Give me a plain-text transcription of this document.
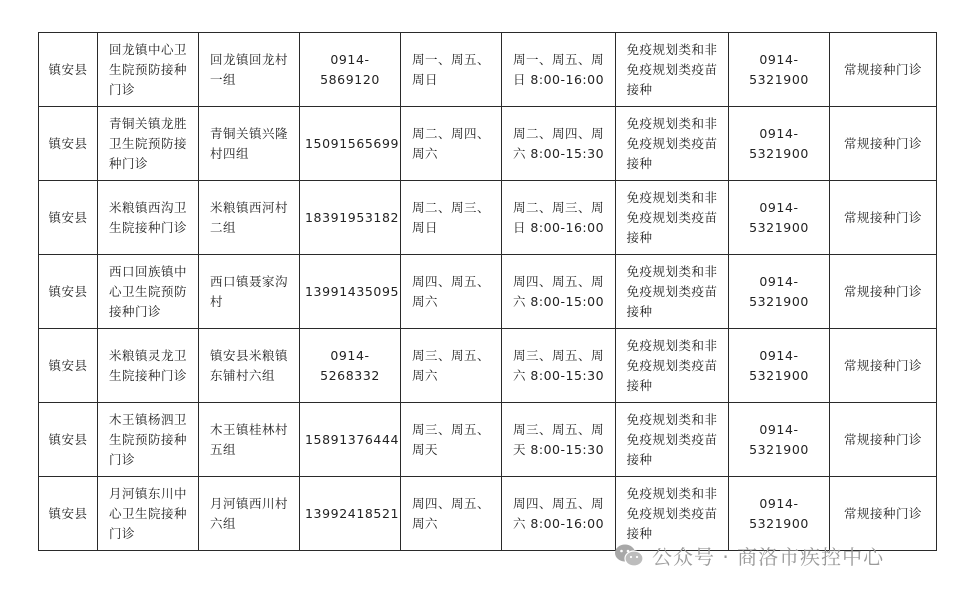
镇安县	回龙镇中心卫
生院预防接种
门诊	回龙镇回龙村
一组	0914-5869120	周一、周五、
周日	周一、周五、周
日 8:00-16:00	免疫规划类和非
免疫规划类疫苗
接种	0914-5321900	常规接种门诊
镇安县	青铜关镇龙胜
卫生院预防接
种门诊	青铜关镇兴隆
村四组	15091565699	周二、周四、
周六	周二、周四、周
六 8:00-15:30	免疫规划类和非
免疫规划类疫苗
接种	0914-5321900	常规接种门诊
镇安县	米粮镇西沟卫
生院接种门诊	米粮镇西河村
二组	18391953182	周二、周三、
周日	周二、周三、周
日 8:00-16:00	免疫规划类和非
免疫规划类疫苗
接种	0914-5321900	常规接种门诊
镇安县	西口回族镇中
心卫生院预防
接种门诊	西口镇聂家沟
村	13991435095	周四、周五、
周六	周四、周五、周
六 8:00-15:00	免疫规划类和非
免疫规划类疫苗
接种	0914-5321900	常规接种门诊
镇安县	米粮镇灵龙卫
生院接种门诊	镇安县米粮镇
东铺村六组	0914-5268332	周三、周五、
周六	周三、周五、周
六 8:00-15:30	免疫规划类和非
免疫规划类疫苗
接种	0914-5321900	常规接种门诊
镇安县	木王镇杨泗卫
生院预防接种
门诊	木王镇桂林村
五组	15891376444	周三、周五、
周天	周三、周五、周
天 8:00-15:30	免疫规划类和非
免疫规划类疫苗
接种	0914-5321900	常规接种门诊
镇安县	月河镇东川中
心卫生院接种
门诊	月河镇西川村
六组	13992418521	周四、周五、
周六	周四、周五、周
六 8:00-16:00	免疫规划类和非
免疫规划类疫苗
接种	0914-5321900	常规接种门诊
公众号 · 商洛市疾控中心
